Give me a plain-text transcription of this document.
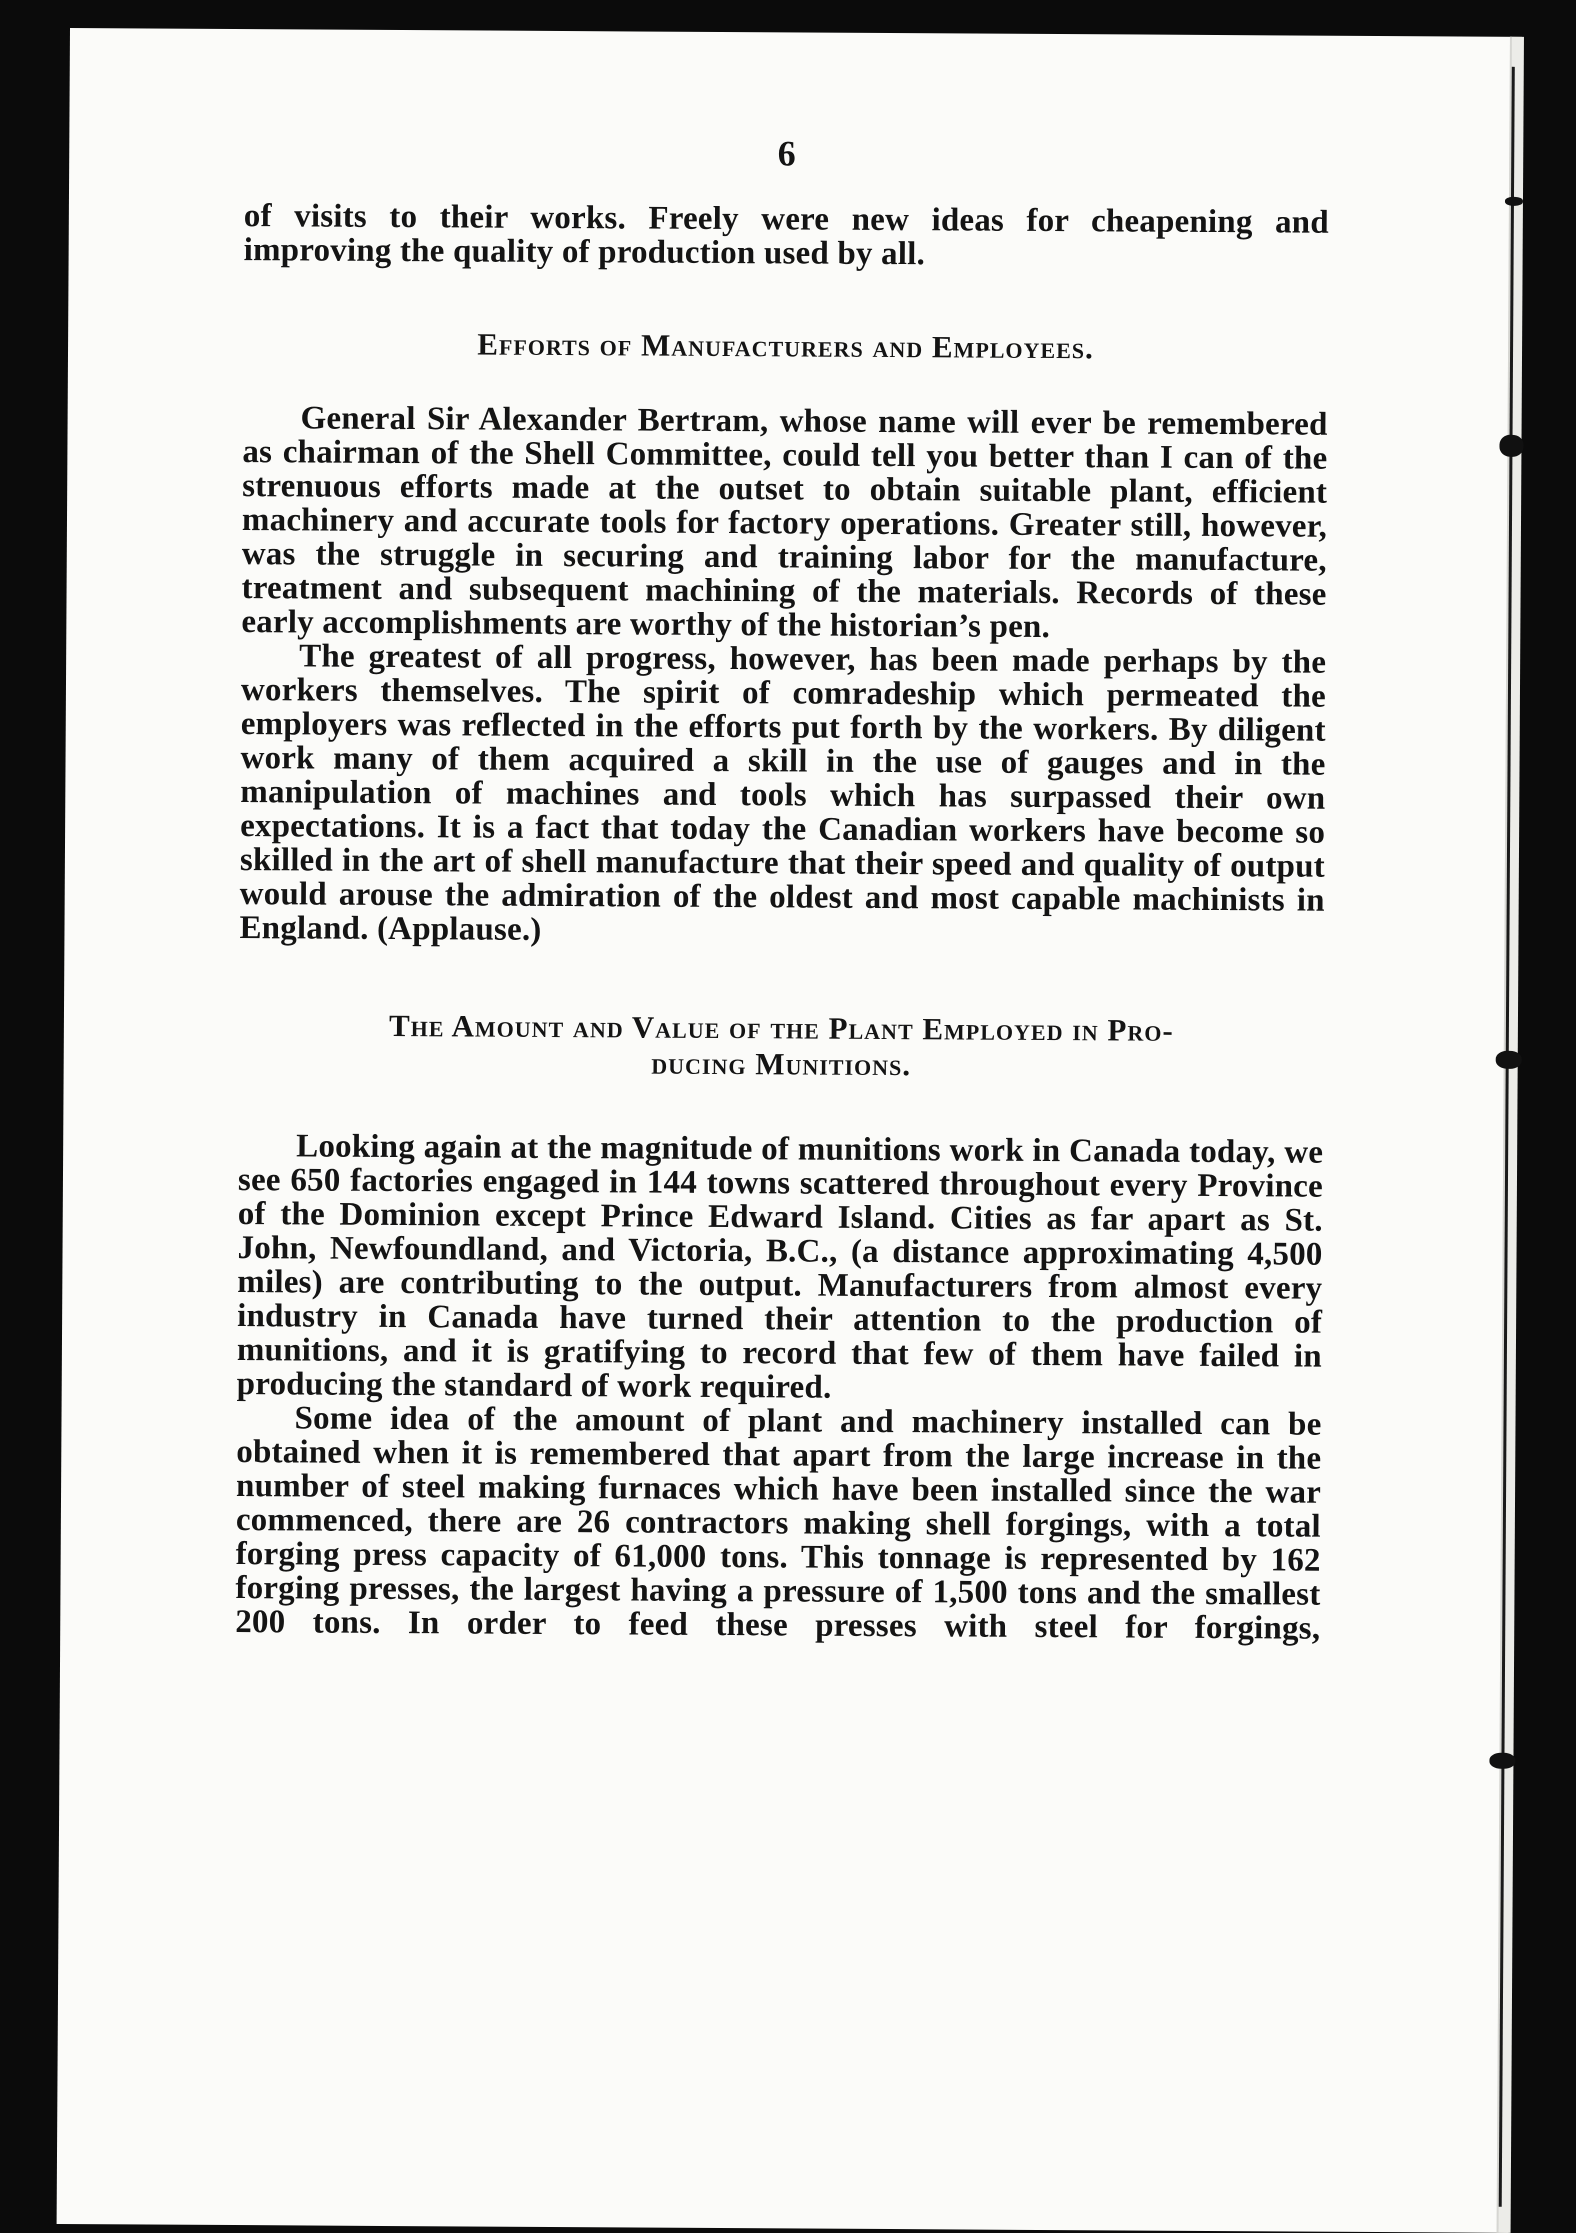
6

of visits to their works. Freely were new ideas for cheapening and improving the quality of production used by all.

Efforts of Manufacturers and Employees.

General Sir Alexander Bertram, whose name will ever be remembered as chairman of the Shell Committee, could tell you better than I can of the strenuous efforts made at the outset to obtain suitable plant, efficient machinery and accurate tools for factory operations. Greater still, however, was the struggle in securing and training labor for the manufacture, treatment and subsequent machining of the materials. Records of these early accomplishments are worthy of the historian’s pen.

The greatest of all progress, however, has been made perhaps by the workers themselves. The spirit of comradeship which permeated the employers was reflected in the efforts put forth by the workers. By diligent work many of them acquired a skill in the use of gauges and in the manipulation of machines and tools which has surpassed their own expectations. It is a fact that today the Canadian workers have become so skilled in the art of shell manufacture that their speed and quality of output would arouse the admiration of the oldest and most capable machinists in England. (Applause.)

The Amount and Value of the Plant Employed in Pro-
ducing Munitions.

Looking again at the magnitude of munitions work in Canada today, we see 650 factories engaged in 144 towns scattered throughout every Province of the Dominion except Prince Edward Island. Cities as far apart as St. John, Newfoundland, and Victoria, B.C., (a distance approximating 4,500 miles) are contributing to the output. Manufacturers from almost every industry in Canada have turned their attention to the production of munitions, and it is gratifying to record that few of them have failed in producing the standard of work required.

Some idea of the amount of plant and machinery installed can be obtained when it is remembered that apart from the large increase in the number of steel making furnaces which have been installed since the war commenced, there are 26 contractors making shell forgings, with a total forging press capacity of 61,000 tons. This tonnage is represented by 162 forging presses, the largest having a pressure of 1,500 tons and the smallest 200 tons. In order to feed these presses with steel for forgings,
